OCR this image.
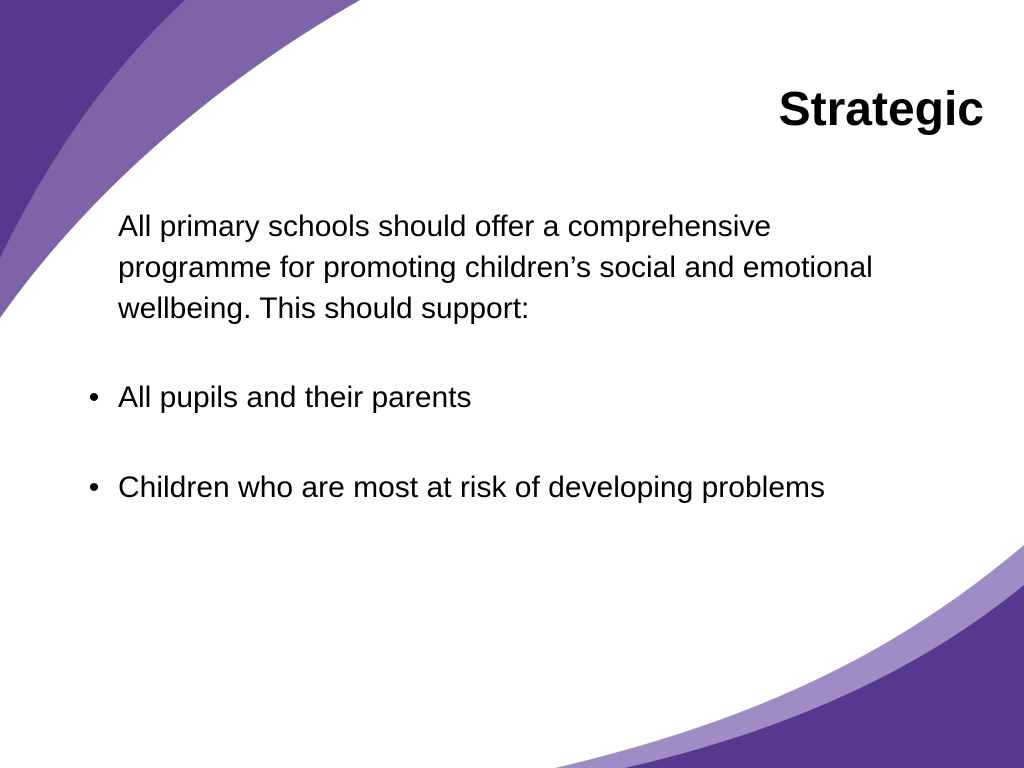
Strategic

All primary schools should offer a comprehensive programme for promoting children’s social and emotional wellbeing. This should support:

• All pupils and their parents
• Children who are most at risk of developing problems
